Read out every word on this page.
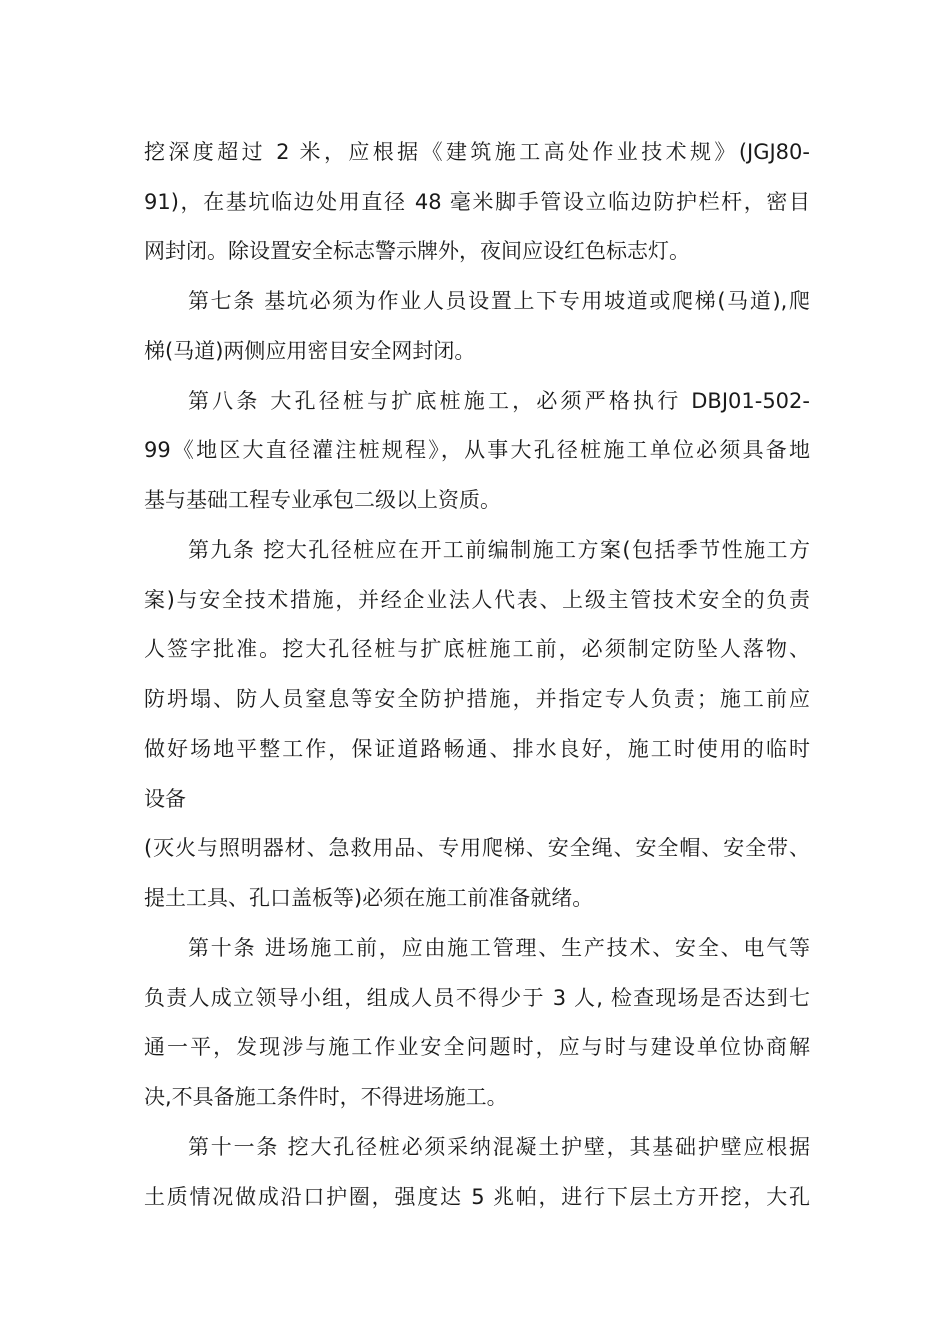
挖深度超过 2 米，应根据《建筑施工高处作业技术规》(JGJ80-
91)，在基坑临边处用直径 48 毫米脚手管设立临边防护栏杆，密目
网封闭。除设置安全标志警示牌外，夜间应设红色标志灯。
第七条 基坑必须为作业人员设置上下专用坡道或爬梯(马道),爬
梯(马道)两侧应用密目安全网封闭。
第八条 大孔径桩与扩底桩施工，必须严格执行 DBJ01-502-
99《地区大直径灌注桩规程》，从事大孔径桩施工单位必须具备地
基与基础工程专业承包二级以上资质。
第九条 挖大孔径桩应在开工前编制施工方案(包括季节性施工方
案)与安全技术措施，并经企业法人代表、上级主管技术安全的负责
人签字批准。挖大孔径桩与扩底桩施工前，必须制定防坠人落物、
防坍塌、防人员窒息等安全防护措施，并指定专人负责；施工前应
做好场地平整工作，保证道路畅通、排水良好，施工时使用的临时
设备
(灭火与照明器材、急救用品、专用爬梯、安全绳、安全帽、安全带、
提土工具、孔口盖板等)必须在施工前准备就绪。
第十条 进场施工前，应由施工管理、生产技术、安全、电气等
负责人成立领导小组，组成人员不得少于 3 人, 检查现场是否达到七
通一平，发现涉与施工作业安全问题时，应与时与建设单位协商解
决,不具备施工条件时，不得进场施工。
第十一条 挖大孔径桩必须采纳混凝土护壁，其基础护壁应根据
土质情况做成沿口护圈，强度达 5 兆帕，进行下层土方开挖，大孔
